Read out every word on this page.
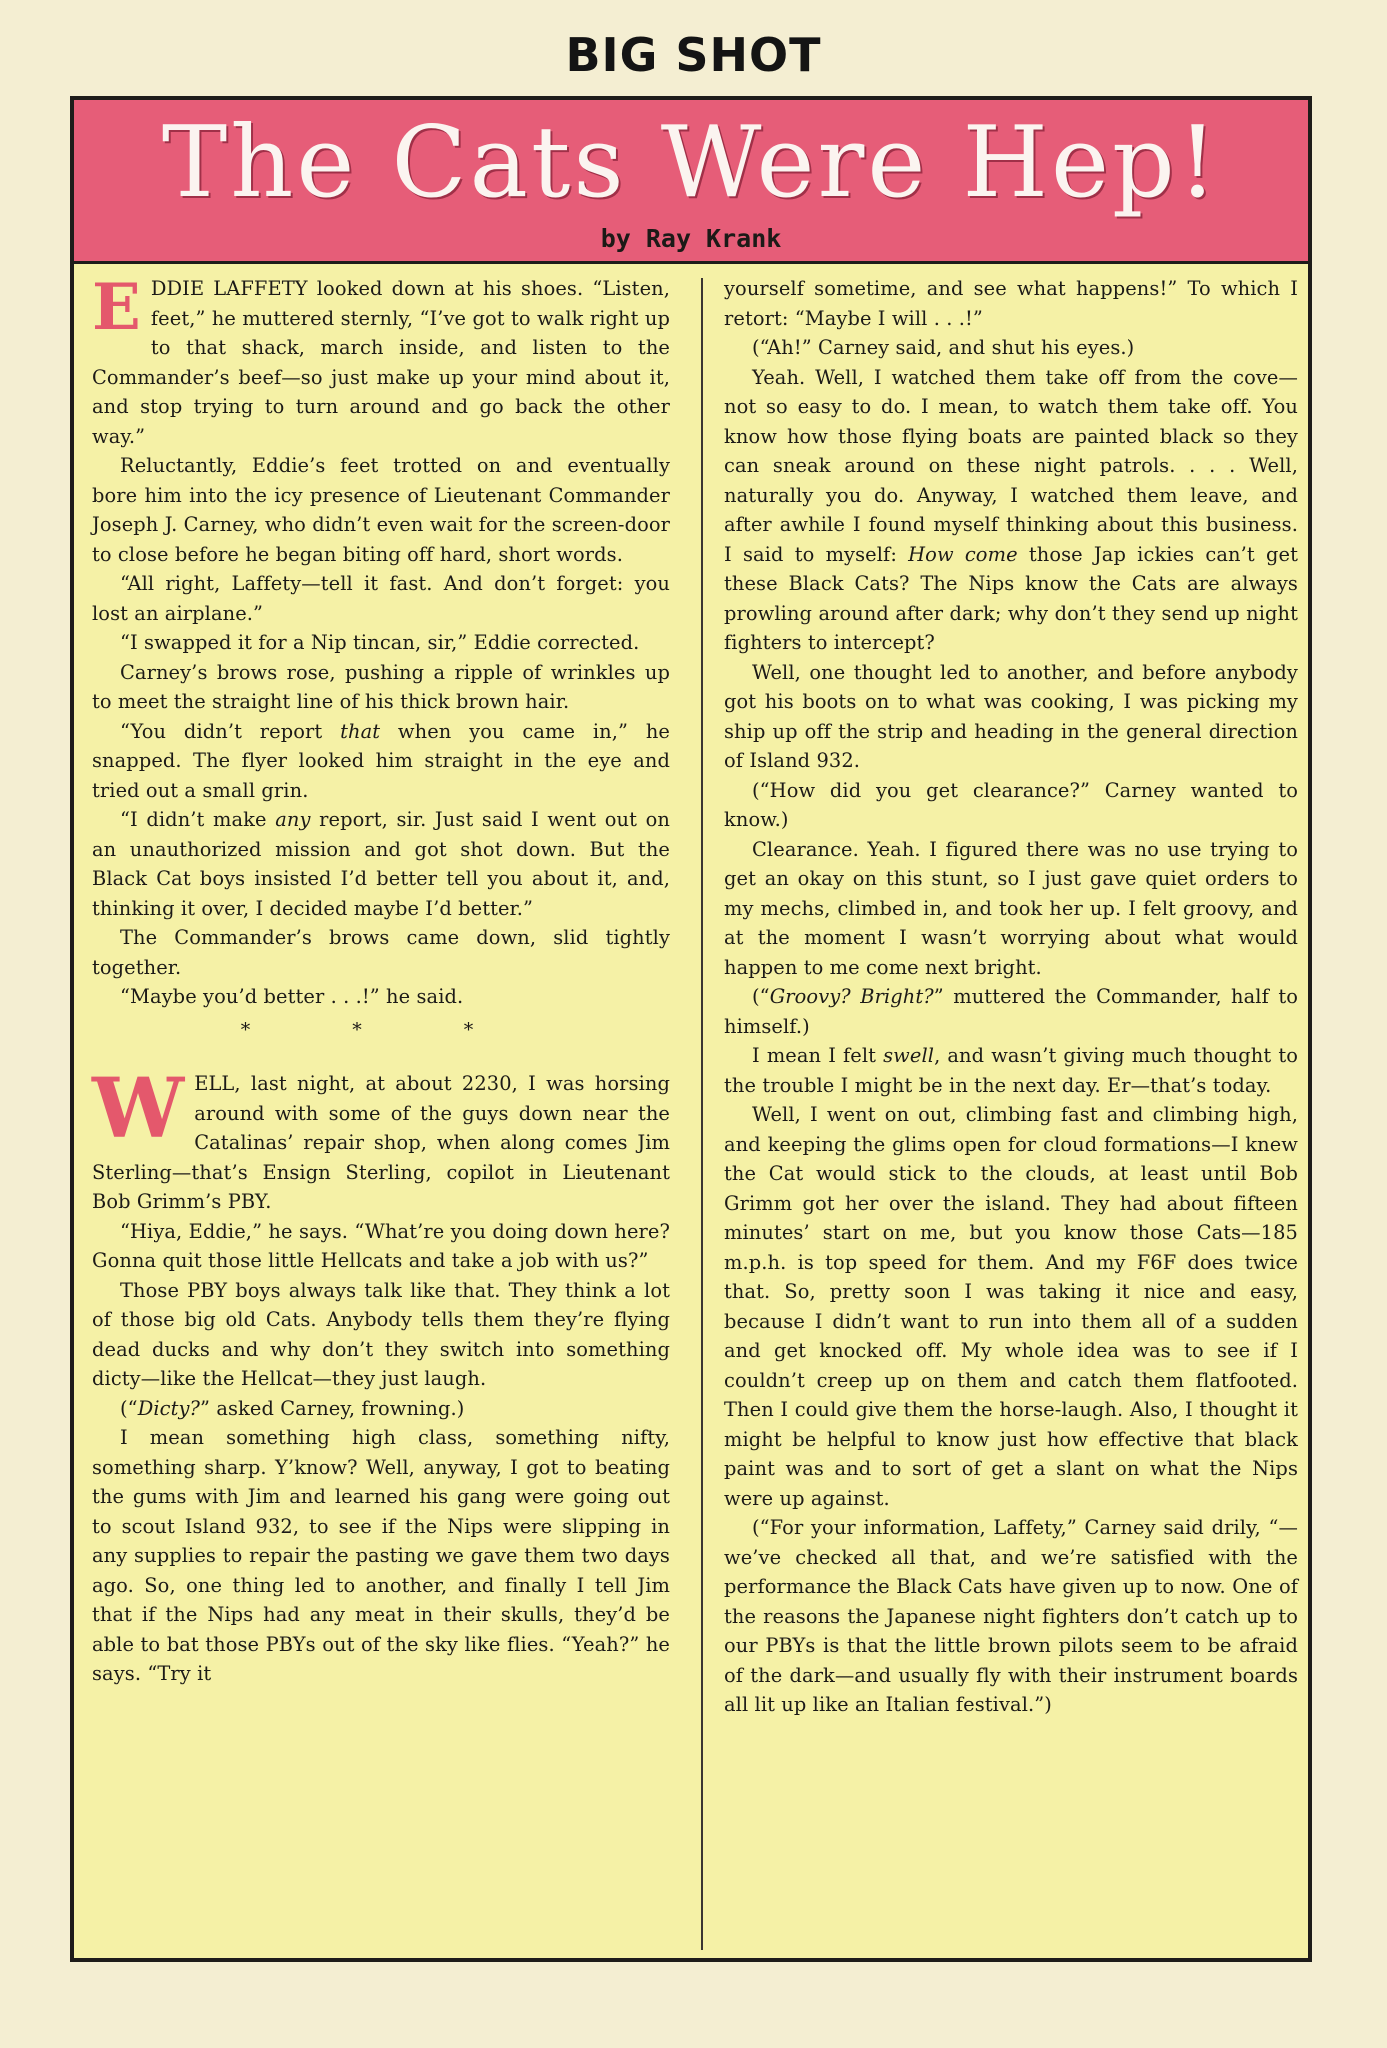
BIG SHOT
The Cats Were Hep!
by Ray Krank

EDDIE LAFFETY looked down at his shoes. “Listen, feet,” he muttered sternly, “I’ve got to walk right up to that shack, march inside, and listen to the Commander’s beef—so just make up your mind about it, and stop trying to turn around and go back the other way.”

Reluctantly, Eddie’s feet trotted on and eventually bore him into the icy presence of Lieutenant Commander Joseph J. Carney, who didn’t even wait for the screen-door to close before he began biting off hard, short words.

“All right, Laffety—tell it fast. And don’t forget: you lost an airplane.”

“I swapped it for a Nip tincan, sir,” Eddie corrected.

Carney’s brows rose, pushing a ripple of wrinkles up to meet the straight line of his thick brown hair.

“You didn’t report that when you came in,” he snapped. The flyer looked him straight in the eye and tried out a small grin.

“I didn’t make any report, sir. Just said I went out on an unauthorized mission and got shot down. But the Black Cat boys insisted I’d better tell you about it, and, thinking it over, I decided maybe I’d better.”

The Commander’s brows came down, slid tightly together.

“Maybe you’d better . . .!” he said.

* * *

WELL, last night, at about 2230, I was horsing around with some of the guys down near the Catalinas’ repair shop, when along comes Jim Sterling—that’s Ensign Sterling, copilot in Lieutenant Bob Grimm’s PBY.

“Hiya, Eddie,” he says. “What’re you doing down here? Gonna quit those little Hellcats and take a job with us?”

Those PBY boys always talk like that. They think a lot of those big old Cats. Anybody tells them they’re flying dead ducks and why don’t they switch into something dicty—like the Hellcat—they just laugh.

(“Dicty?” asked Carney, frowning.)

I mean something high class, something nifty, something sharp. Y’know? Well, anyway, I got to beating the gums with Jim and learned his gang were going out to scout Island 932, to see if the Nips were slipping in any supplies to repair the pasting we gave them two days ago. So, one thing led to another, and finally I tell Jim that if the Nips had any meat in their skulls, they’d be able to bat those PBYs out of the sky like flies. “Yeah?” he says. “Try it

yourself sometime, and see what happens!” To which I retort: “Maybe I will . . .!”

(“Ah!” Carney said, and shut his eyes.)

Yeah. Well, I watched them take off from the cove—not so easy to do. I mean, to watch them take off. You know how those flying boats are painted black so they can sneak around on these night patrols. . . . Well, naturally you do. Anyway, I watched them leave, and after awhile I found myself thinking about this business. I said to myself: How come those Jap ickies can’t get these Black Cats? The Nips know the Cats are always prowling around after dark; why don’t they send up night fighters to intercept?

Well, one thought led to another, and before anybody got his boots on to what was cooking, I was picking my ship up off the strip and heading in the general direction of Island 932.

(“How did you get clearance?” Carney wanted to know.)

Clearance. Yeah. I figured there was no use trying to get an okay on this stunt, so I just gave quiet orders to my mechs, climbed in, and took her up. I felt groovy, and at the moment I wasn’t worrying about what would happen to me come next bright.

(“Groovy? Bright?” muttered the Commander, half to himself.)

I mean I felt swell, and wasn’t giving much thought to the trouble I might be in the next day. Er—that’s today.

Well, I went on out, climbing fast and climbing high, and keeping the glims open for cloud formations—I knew the Cat would stick to the clouds, at least until Bob Grimm got her over the island. They had about fifteen minutes’ start on me, but you know those Cats—185 m.p.h. is top speed for them. And my F6F does twice that. So, pretty soon I was taking it nice and easy, because I didn’t want to run into them all of a sudden and get knocked off. My whole idea was to see if I couldn’t creep up on them and catch them flatfooted. Then I could give them the horse-laugh. Also, I thought it might be helpful to know just how effective that black paint was and to sort of get a slant on what the Nips were up against.

(“For your information, Laffety,” Carney said drily, “— we’ve checked all that, and we’re satisfied with the performance the Black Cats have given up to now. One of the reasons the Japanese night fighters don’t catch up to our PBYs is that the little brown pilots seem to be afraid of the dark—and usually fly with their instrument boards all lit up like an Italian festival.”)
